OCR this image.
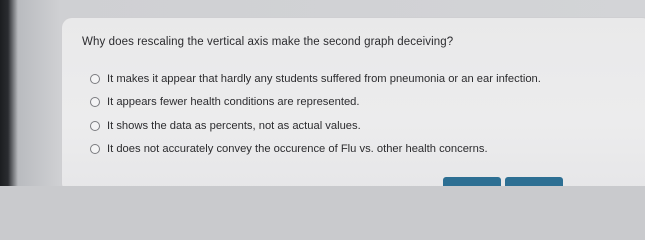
Why does rescaling the vertical axis make the second graph deceiving?
It makes it appear that hardly any students suffered from pneumonia or an ear infection.
It appears fewer health conditions are represented.
It shows the data as percents, not as actual values.
It does not accurately convey the occurence of Flu vs. other health concerns.
